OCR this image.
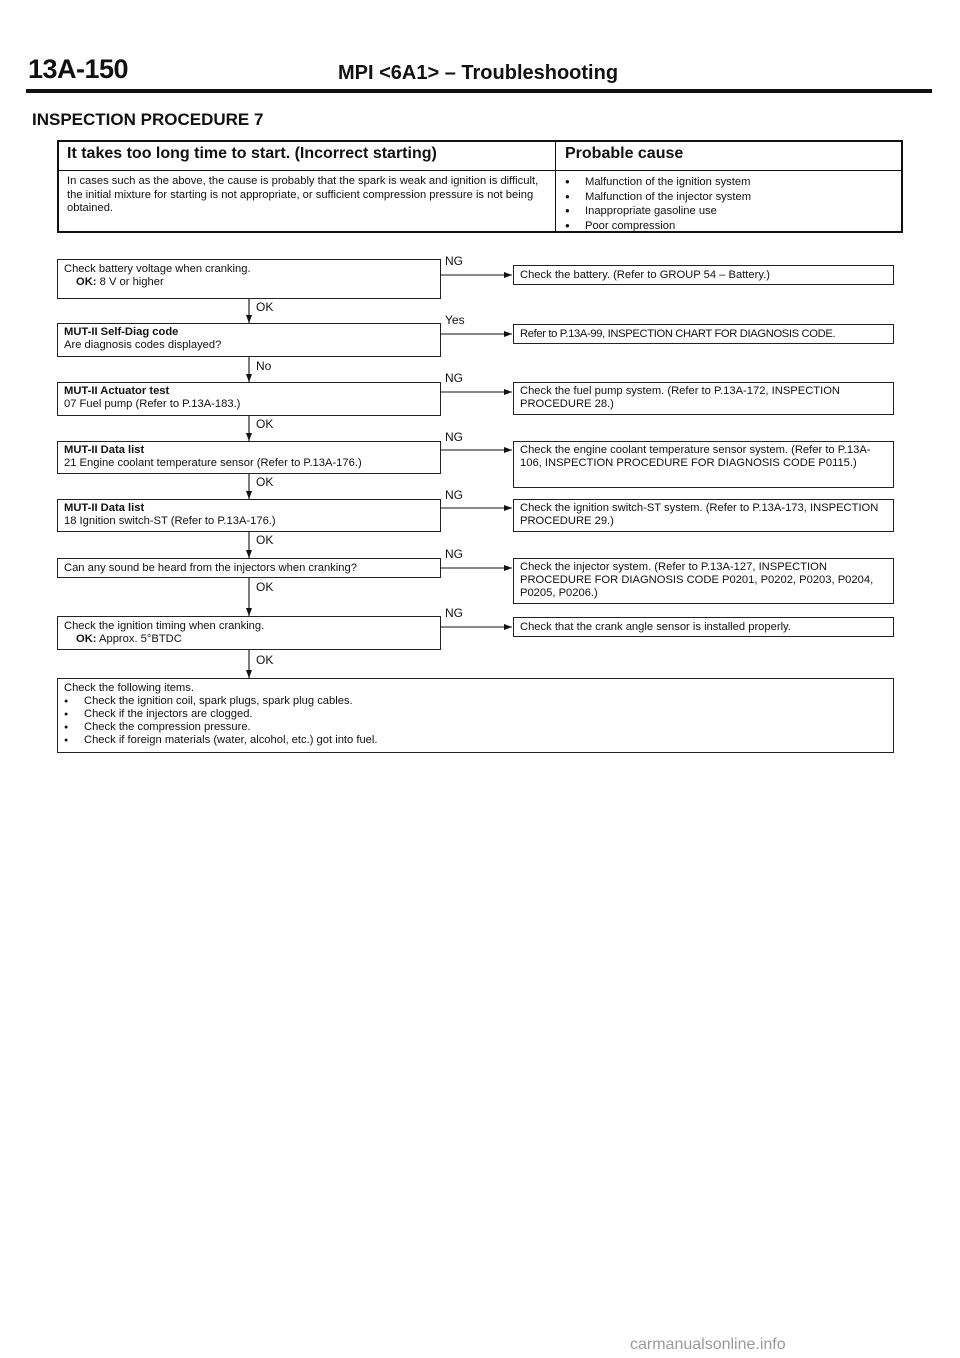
13A-150	MPI <6A1> – Troubleshooting
INSPECTION PROCEDURE 7
It takes too long time to start. (Incorrect starting)	Probable cause
In cases such as the above, the cause is probably that the spark is weak and ignition is difficult, the initial mixture for starting is not appropriate, or sufficient compression pressure is not being obtained.
● Malfunction of the ignition system
● Malfunction of the injector system
● Inappropriate gasoline use
● Poor compression
Check battery voltage when cranking.
OK: 8 V or higher
NG
Check the battery. (Refer to GROUP 54 – Battery.)
OK
MUT-II Self-Diag code
Are diagnosis codes displayed?
Yes
Refer to P.13A-99, INSPECTION CHART FOR DIAGNOSIS CODE.
No
MUT-II Actuator test
07 Fuel pump (Refer to P.13A-183.)
NG
Check the fuel pump system. (Refer to P.13A-172, INSPECTION PROCEDURE 28.)
OK
MUT-II Data list
21 Engine coolant temperature sensor (Refer to P.13A-176.)
NG
Check the engine coolant temperature sensor system. (Refer to P.13A-106, INSPECTION PROCEDURE FOR DIAGNOSIS CODE P0115.)
OK
MUT-II Data list
18 Ignition switch-ST (Refer to P.13A-176.)
NG
Check the ignition switch-ST system. (Refer to P.13A-173, INSPECTION PROCEDURE 29.)
OK
Can any sound be heard from the injectors when cranking?
NG
Check the injector system. (Refer to P.13A-127, INSPECTION PROCEDURE FOR DIAGNOSIS CODE P0201, P0202, P0203, P0204, P0205, P0206.)
OK
Check the ignition timing when cranking.
OK: Approx. 5°BTDC
NG
Check that the crank angle sensor is installed properly.
OK
Check the following items.
● Check the ignition coil, spark plugs, spark plug cables.
● Check if the injectors are clogged.
● Check the compression pressure.
● Check if foreign materials (water, alcohol, etc.) got into fuel.
carmanualsonline.info
